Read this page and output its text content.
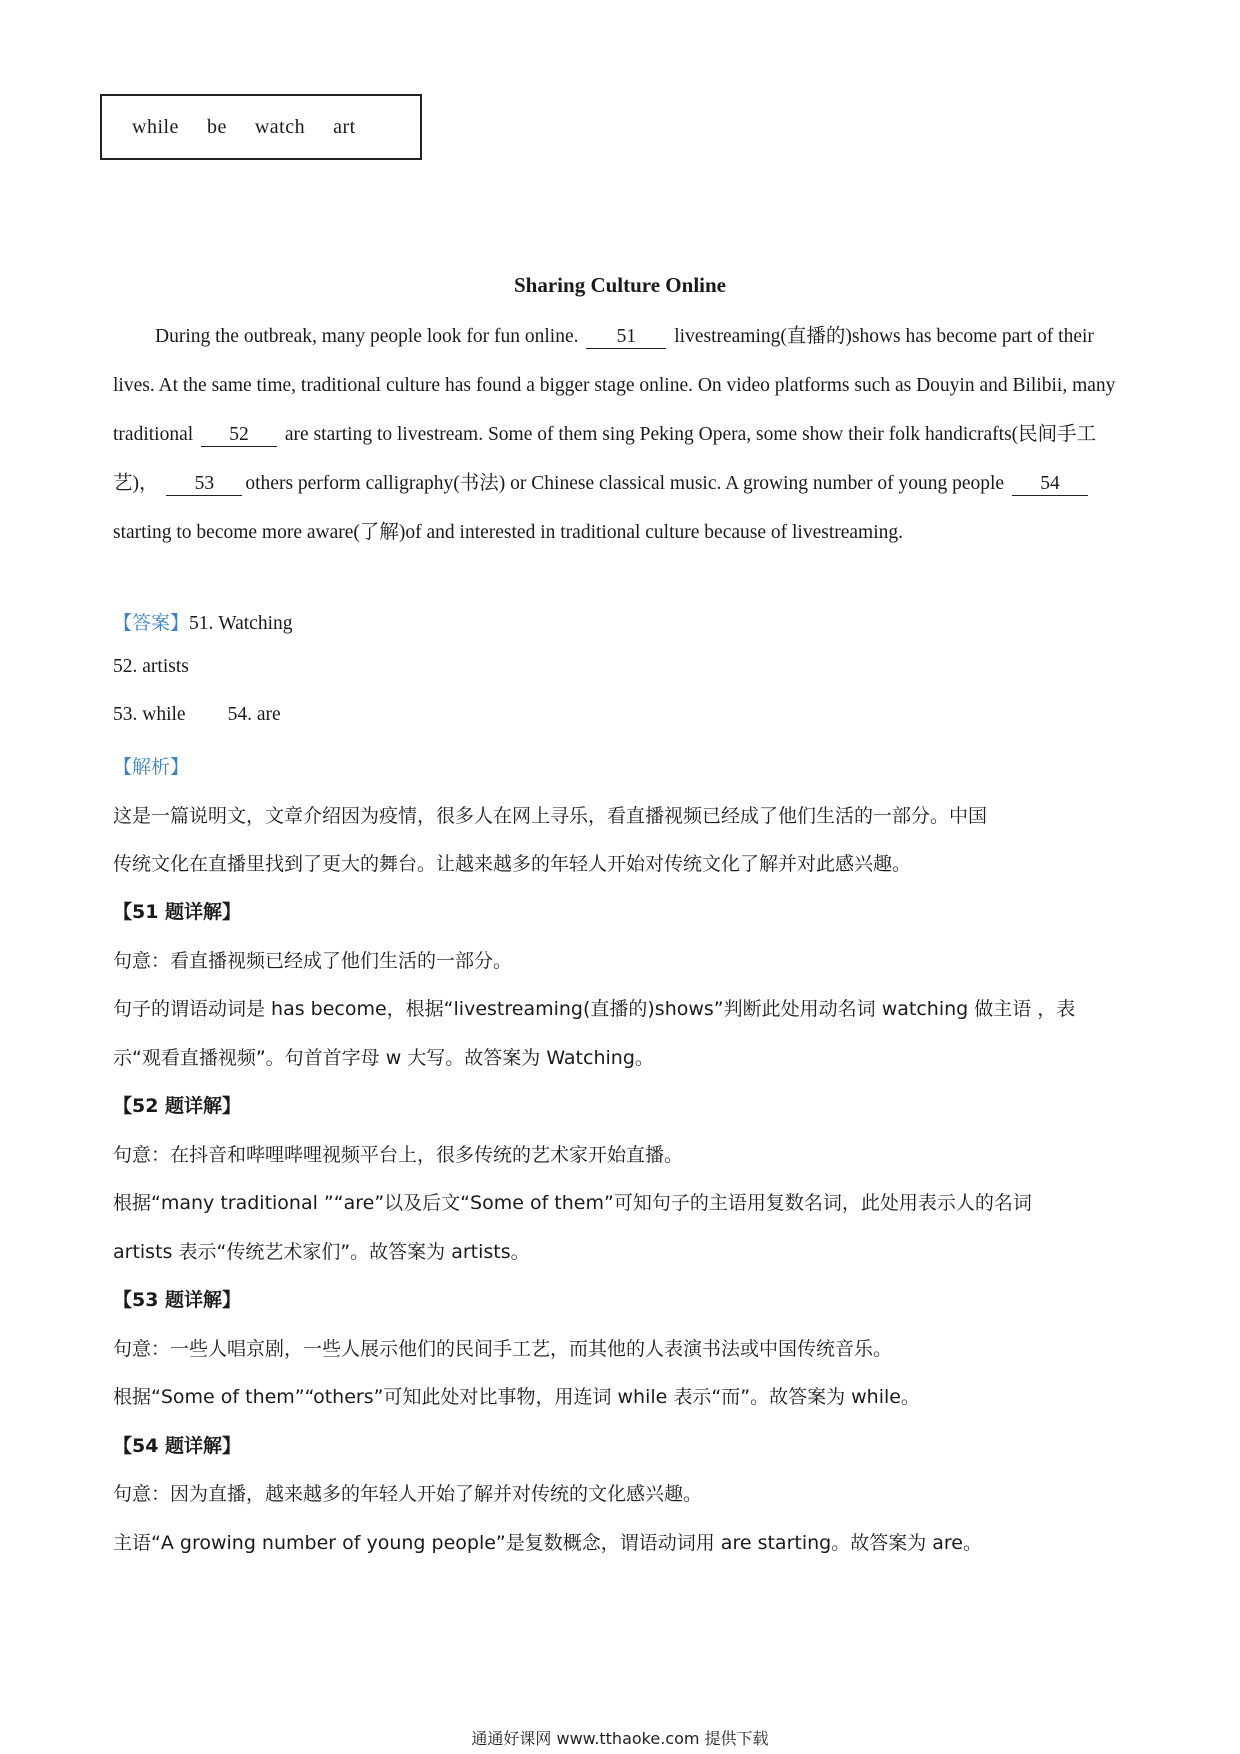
while be watch art
Sharing Culture Online
During the outbreak, many people look for fun online. 51 livestreaming(直播的)shows has become part of their lives. At the same time, traditional culture has found a bigger stage online. On video platforms such as Douyin and Bilibii, many traditional 52 are starting to livestream. Some of them sing Peking Opera, some show their folk handicrafts(民间手工艺)， 53 others perform calligraphy(书法) or Chinese classical music. A growing number of young people 54 starting to become more aware(了解)of and interested in traditional culture because of livestreaming.
【答案】51. Watching
52. artists
53. while 54. are
【解析】
这是一篇说明文，文章介绍因为疫情，很多人在网上寻乐，看直播视频已经成了他们生活的一部分。中国
传统文化在直播里找到了更大的舞台。让越来越多的年轻人开始对传统文化了解并对此感兴趣。
【51 题详解】
句意：看直播视频已经成了他们生活的一部分。
句子的谓语动词是 has become，根据“livestreaming(直播的)shows”判断此处用动名词 watching 做主语 ，表
示“观看直播视频”。句首首字母 w 大写。故答案为 Watching。
【52 题详解】
句意：在抖音和哔哩哔哩视频平台上，很多传统的艺术家开始直播。
根据“many traditional ”“are”以及后文“Some of them”可知句子的主语用复数名词，此处用表示人的名词
artists 表示“传统艺术家们”。故答案为 artists。
【53 题详解】
句意：一些人唱京剧，一些人展示他们的民间手工艺，而其他的人表演书法或中国传统音乐。
根据“Some of them”“others”可知此处对比事物，用连词 while 表示“而”。故答案为 while。
【54 题详解】
句意：因为直播，越来越多的年轻人开始了解并对传统的文化感兴趣。
主语“A growing number of young people”是复数概念，谓语动词用 are starting。故答案为 are。
通通好课网 www.tthaoke.com 提供下载
